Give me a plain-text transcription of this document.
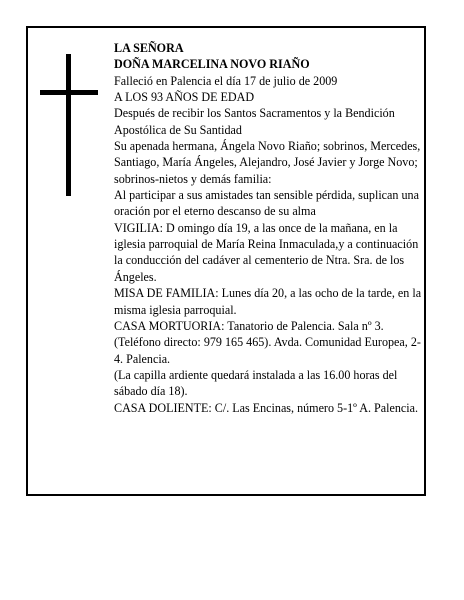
LA SEÑORA

DOÑA MARCELINA NOVO RIAÑO

Falleció en Palencia el día 17 de julio de 2009

A LOS 93 AÑOS DE EDAD

Después de recibir los Santos Sacramentos y la Bendición Apostólica de Su Santidad

Su apenada hermana, Ángela Novo Riaño; sobrinos, Mercedes, Santiago, María Ángeles, Alejandro, José Javier y Jorge Novo; sobrinos-nietos y demás familia:

Al participar a sus amistades tan sensible pérdida, suplican una oración por el eterno descanso de su alma

VIGILIA: D omingo día 19, a las once de la mañana, en la iglesia parroquial de María Reina Inmaculada,y a continuación la conducción del cadáver al cementerio de Ntra. Sra. de los Ángeles.

MISA DE FAMILIA: Lunes día 20, a las ocho de la tarde, en la misma iglesia parroquial.

CASA MORTUORIA: Tanatorio de Palencia. Sala nº 3. (Teléfono directo: 979 165 465). Avda. Comunidad Europea, 2-4. Palencia.

(La capilla ardiente quedará instalada a las 16.00 horas del sábado día 18).

CASA DOLIENTE: C/. Las Encinas, número 5-1º A. Palencia.
